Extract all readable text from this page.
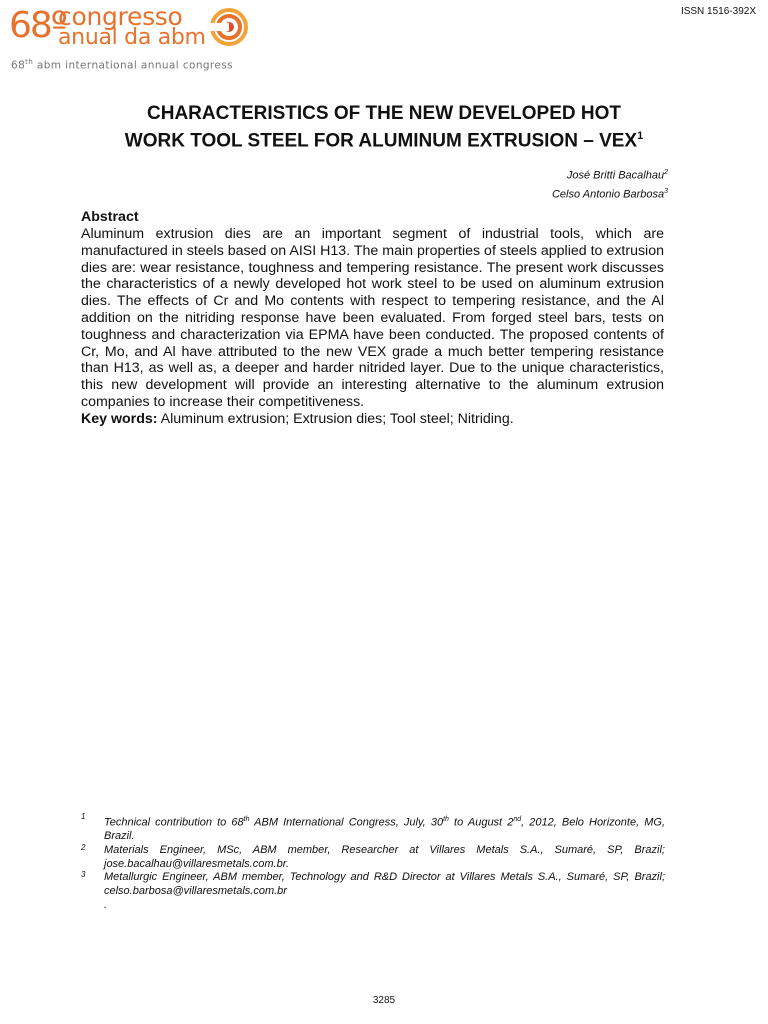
68º
congresso
anual da abm
68th abm international annual congress
ISSN 1516-392X
CHARACTERISTICS OF THE NEW DEVELOPED HOT
WORK TOOL STEEL FOR ALUMINUM EXTRUSION – VEX$^1$
José Britti Bacalhau$^2$
Celso Antonio Barbosa$^3$
Abstract

Aluminum extrusion dies are an important segment of industrial tools, which are manufactured in steels based on AISI H13. The main properties of steels applied to extrusion dies are: wear resistance, toughness and tempering resistance. The present work discusses the characteristics of a newly developed hot work steel to be used on aluminum extrusion dies. The effects of Cr and Mo contents with respect to tempering resistance, and the Al addition on the nitriding response have been evaluated. From forged steel bars, tests on toughness and characterization via EPMA have been conducted. The proposed contents of Cr, Mo, and Al have attributed to the new VEX grade a much better tempering resistance than H13, as well as, a deeper and harder nitrided layer. Due to the unique characteristics, this new development will provide an interesting alternative to the aluminum extrusion companies to increase their competitiveness.

Key words: Aluminum extrusion; Extrusion dies; Tool steel; Nitriding.
1
Technical contribution to 68th ABM International Congress, July, 30th to August 2nd, 2012, Belo Horizonte, MG, Brazil.
2 Materials Engineer, MSc, ABM member, Researcher at Villares Metals S.A., Sumaré, SP, Brazil; jose.bacalhau@villaresmetals.com.br.
3 Metallurgic Engineer, ABM member, Technology and R&D Director at Villares Metals S.A., Sumaré, SP, Brazil; celso.barbosa@villaresmetals.com.br
.
3285
